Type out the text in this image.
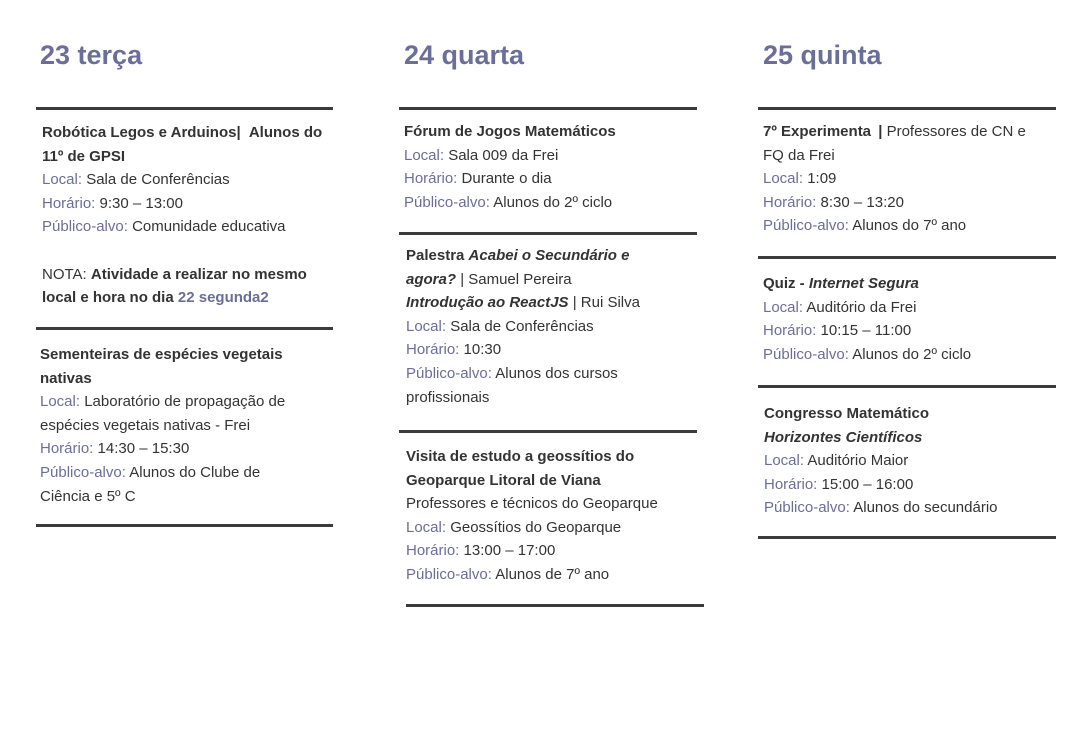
23 terça
Robótica Legos e Arduinos| Alunos do
11º de GPSI
Local: Sala de Conferências
Horário: 9:30 – 13:00
Público-alvo: Comunidade educativa
NOTA: Atividade a realizar no mesmo
local e hora no dia 22 segunda2
Sementeiras de espécies vegetais
nativas
Local: Laboratório de propagação de
espécies vegetais nativas - Frei
Horário: 14:30 – 15:30
Público-alvo: Alunos do Clube de
Ciência e 5º C
24 quarta
Fórum de Jogos Matemáticos
Local: Sala 009 da Frei
Horário: Durante o dia
Público-alvo: Alunos do 2º ciclo
Palestra Acabei o Secundário e
agora? | Samuel Pereira
Introdução ao ReactJS | Rui Silva
Local: Sala de Conferências
Horário: 10:30
Público-alvo: Alunos dos cursos
profissionais
Visita de estudo a geossítios do
Geoparque Litoral de Viana
Professores e técnicos do Geoparque
Local: Geossítios do Geoparque
Horário: 13:00 – 17:00
Público-alvo: Alunos de 7º ano
25 quinta
7º Experimenta | Professores de CN e
FQ da Frei
Local: 1:09
Horário: 8:30 – 13:20
Público-alvo: Alunos do 7º ano
Quiz - Internet Segura
Local: Auditório da Frei
Horário: 10:15 – 11:00
Público-alvo: Alunos do 2º ciclo
Congresso Matemático
Horizontes Científicos
Local: Auditório Maior
Horário: 15:00 – 16:00
Público-alvo: Alunos do secundário
